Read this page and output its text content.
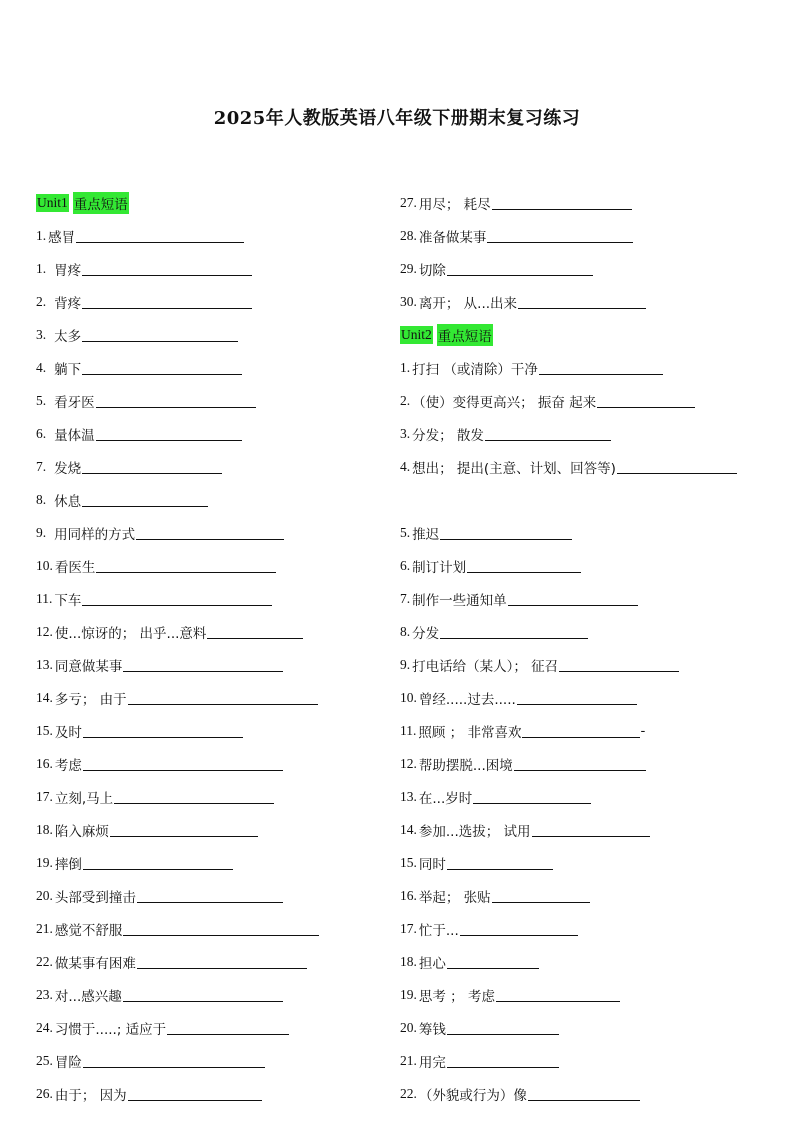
2025年人教版英语八年级下册期末复习练习
Unit1 重点短语
1. 感冒
1. 胃疼
2. 背疼
3. 太多
4. 躺下
5. 看牙医
6. 量体温
7. 发烧
8. 休息
9. 用同样的方式
10. 看医生
11. 下车
12. 使...惊讶的； 出乎...意料
13. 同意做某事
14. 多亏； 由于
15. 及时
16. 考虑
17. 立刻,马上
18. 陷入麻烦
19. 摔倒
20. 头部受到撞击
21. 感觉不舒服
22. 做某事有困难
23. 对...感兴趣
24. 习惯于.....; 适应于
25. 冒险
26. 由于； 因为
27. 用尽； 耗尽
28. 准备做某事
29. 切除
30. 离开； 从...出来
Unit2 重点短语
1. 打扫 （或清除）干净
2. （使）变得更高兴； 振奋 起来
3. 分发； 散发
4. 想出； 提出(主意、计划、回答等)
5. 推迟
6. 制订计划
7. 制作一些通知单
8. 分发
9. 打电话给（某人）； 征召
10. 曾经.....过去.....
11. 照顾 ； 非常喜欢	-
12. 帮助摆脱...困境
13. 在...岁时
14. 参加...选拔； 试用
15. 同时
16. 举起； 张贴
17. 忙于...
18. 担心
19. 思考 ； 考虑
20. 筹钱
21. 用完
22. （外貌或行为）像
